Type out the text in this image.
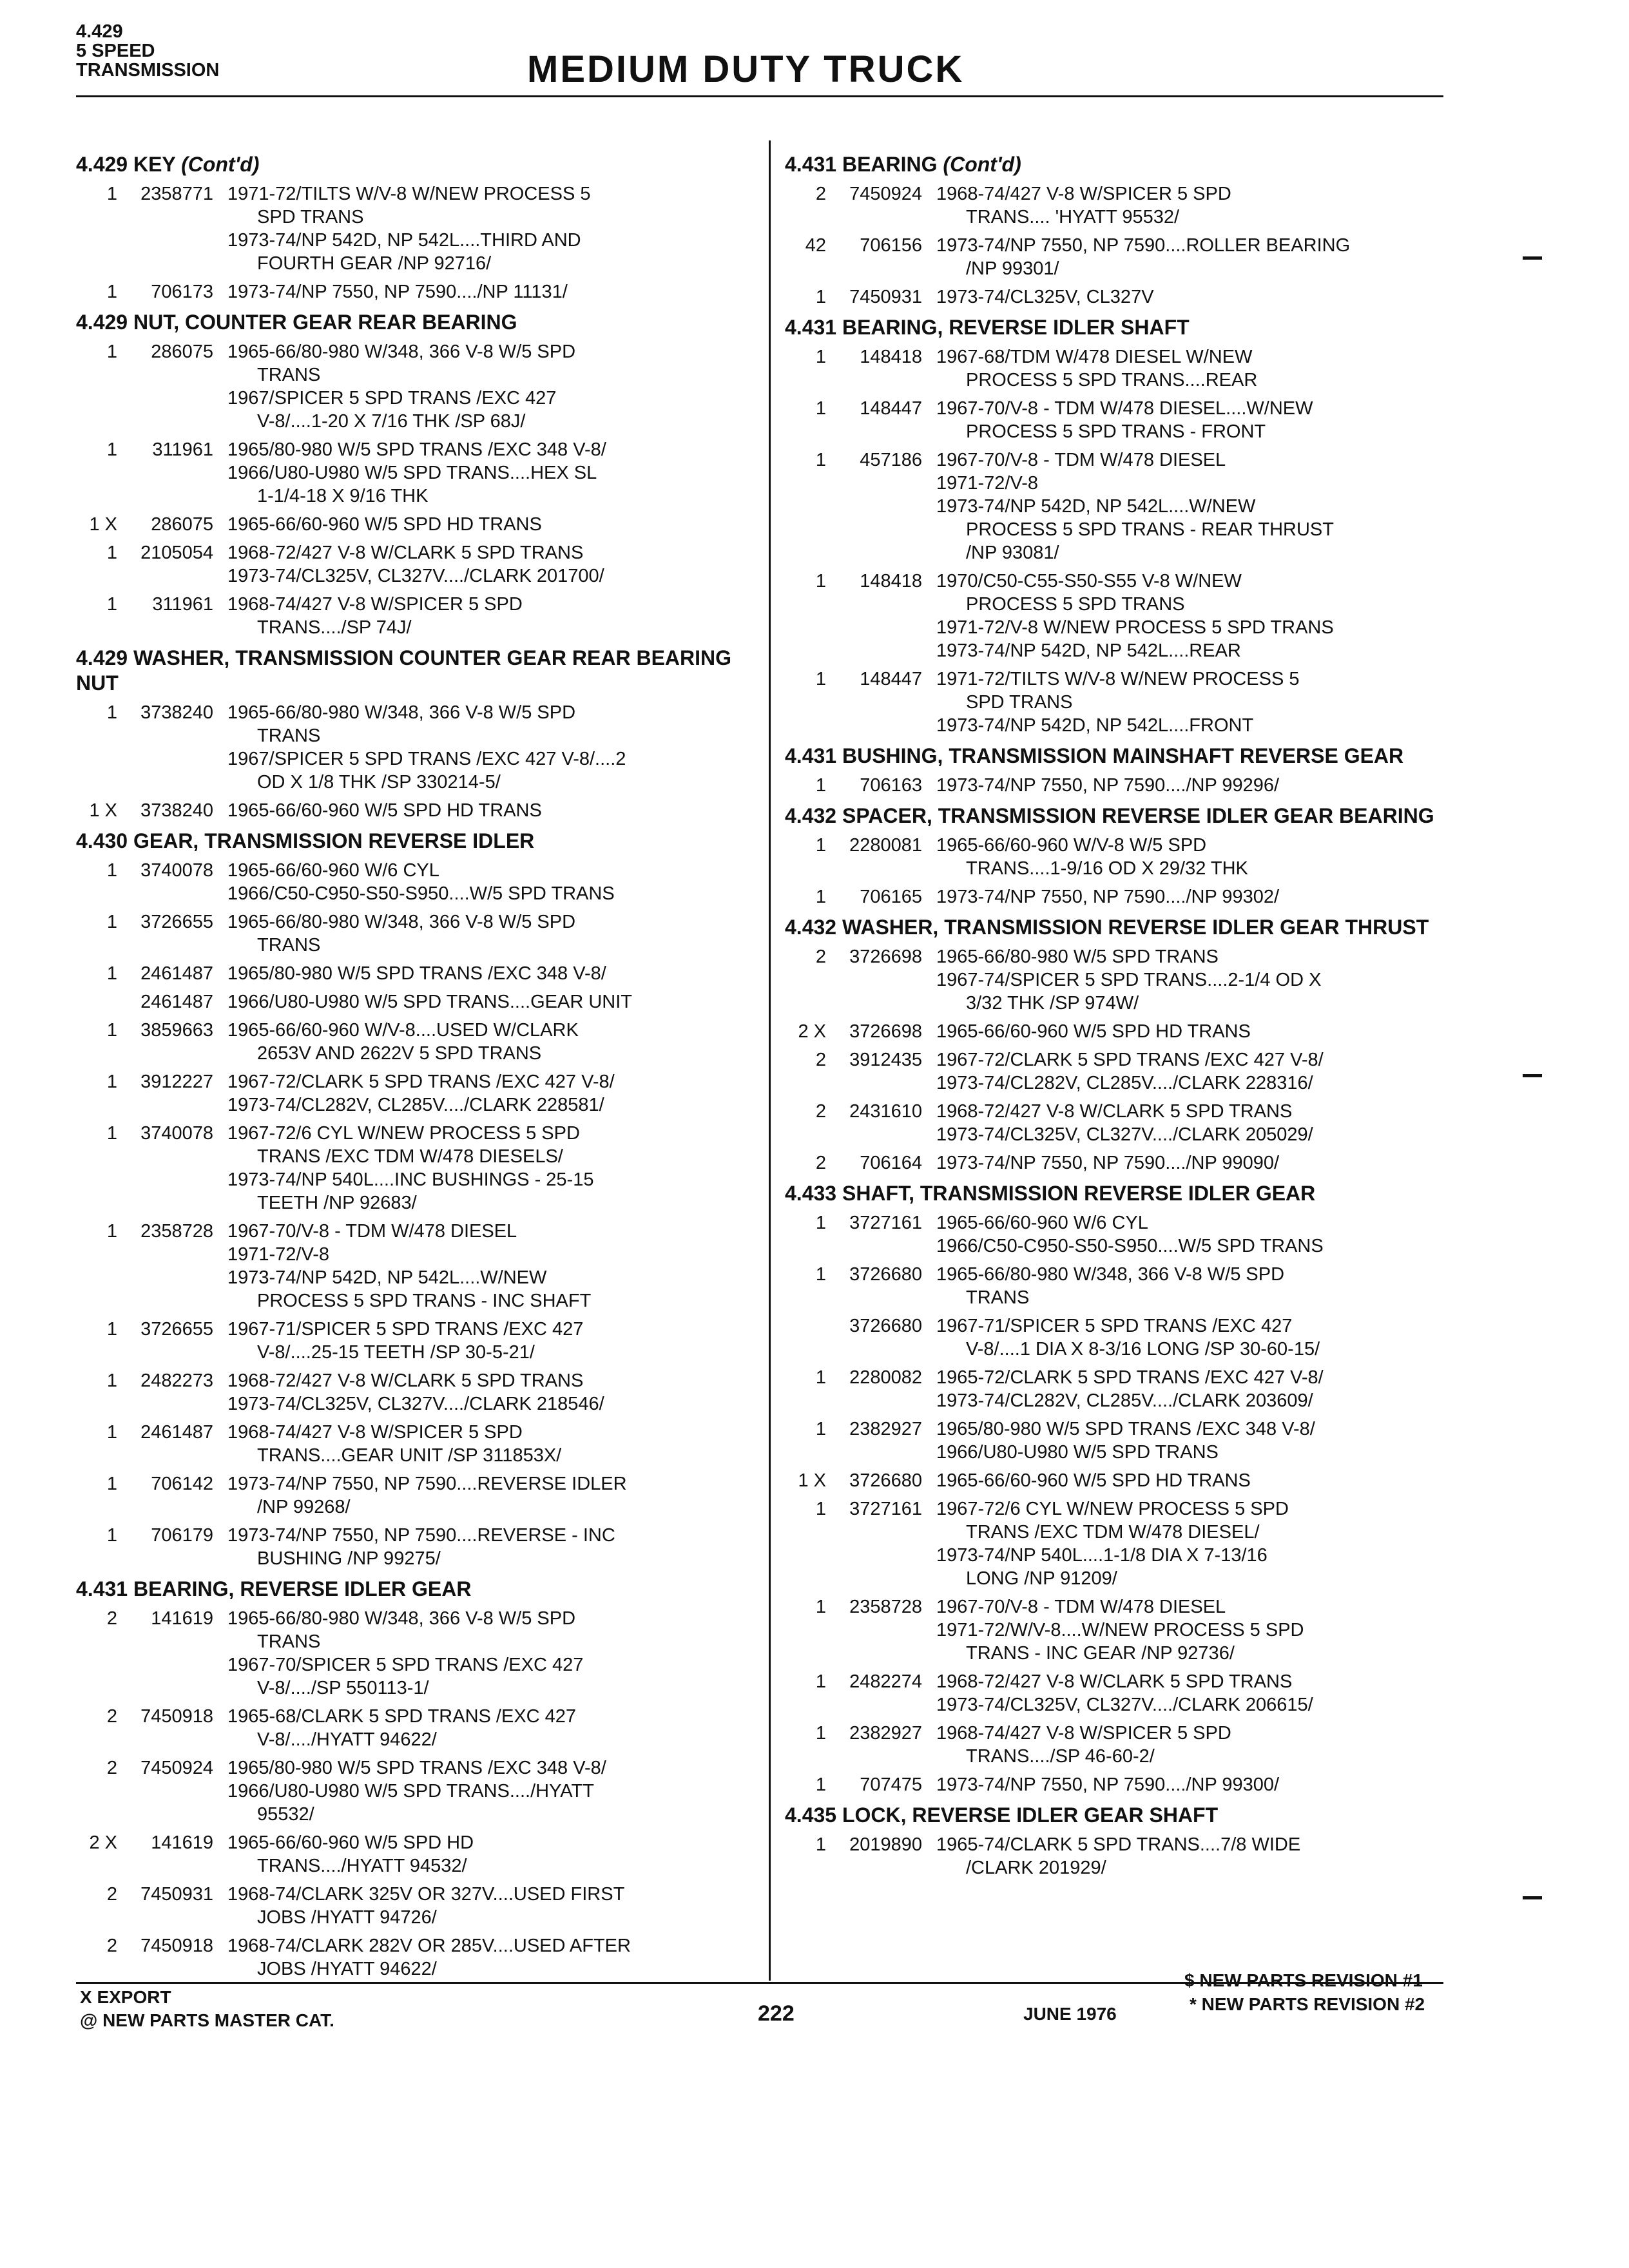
4.429
5 SPEED
TRANSMISSION	MEDIUM DUTY TRUCK
4.429 KEY (Cont'd)
1	2358771 1971-72/TILTS W/V-8 W/NEW PROCESS 5
SPD TRANS
1973-74/NP 542D, NP 542L....THIRD AND
FOURTH GEAR /NP 92716/
1	706173 1973-74/NP 7550, NP 7590..../NP 11131/
4.429 NUT, COUNTER GEAR REAR BEARING
1	286075 1965-66/80-980 W/348, 366 V-8 W/5 SPD
TRANS
1967/SPICER 5 SPD TRANS /EXC 427
V-8/....1-20 X 7/16 THK /SP 68J/
1	311961 1965/80-980 W/5 SPD TRANS /EXC 348 V-8/
1966/U80-U980 W/5 SPD TRANS....HEX SL
1-1/4-18 X 9/16 THK
1 X	286075 1965-66/60-960 W/5 SPD HD TRANS
1	2105054 1968-72/427 V-8 W/CLARK 5 SPD TRANS
1973-74/CL325V, CL327V..../CLARK 201700/
1	311961 1968-74/427 V-8 W/SPICER 5 SPD
TRANS..../SP 74J/
4.429 WASHER, TRANSMISSION COUNTER GEAR REAR BEARING NUT
1	3738240 1965-66/80-980 W/348, 366 V-8 W/5 SPD
TRANS
1967/SPICER 5 SPD TRANS /EXC 427 V-8/....2
OD X 1/8 THK /SP 330214-5/
1 X	3738240 1965-66/60-960 W/5 SPD HD TRANS
4.430 GEAR, TRANSMISSION REVERSE IDLER
1	3740078 1965-66/60-960 W/6 CYL
1966/C50-C950-S50-S950....W/5 SPD TRANS
1	3726655 1965-66/80-980 W/348, 366 V-8 W/5 SPD
TRANS
1	2461487 1965/80-980 W/5 SPD TRANS /EXC 348 V-8/
2461487 1966/U80-U980 W/5 SPD TRANS....GEAR UNIT
1	3859663 1965-66/60-960 W/V-8....USED W/CLARK
2653V AND 2622V 5 SPD TRANS
1	3912227 1967-72/CLARK 5 SPD TRANS /EXC 427 V-8/
1973-74/CL282V, CL285V..../CLARK 228581/
1	3740078 1967-72/6 CYL W/NEW PROCESS 5 SPD
TRANS /EXC TDM W/478 DIESELS/
1973-74/NP 540L....INC BUSHINGS - 25-15
TEETH /NP 92683/
1	2358728 1967-70/V-8 - TDM W/478 DIESEL
1971-72/V-8
1973-74/NP 542D, NP 542L....W/NEW
PROCESS 5 SPD TRANS - INC SHAFT
1	3726655 1967-71/SPICER 5 SPD TRANS /EXC 427
V-8/....25-15 TEETH /SP 30-5-21/
1	2482273 1968-72/427 V-8 W/CLARK 5 SPD TRANS
1973-74/CL325V, CL327V..../CLARK 218546/
1	2461487 1968-74/427 V-8 W/SPICER 5 SPD
TRANS....GEAR UNIT /SP 311853X/
1	706142 1973-74/NP 7550, NP 7590....REVERSE IDLER
/NP 99268/
1	706179 1973-74/NP 7550, NP 7590....REVERSE - INC
BUSHING /NP 99275/
4.431 BEARING, REVERSE IDLER GEAR
2	141619 1965-66/80-980 W/348, 366 V-8 W/5 SPD
TRANS
1967-70/SPICER 5 SPD TRANS /EXC 427
V-8/..../SP 550113-1/
2	7450918 1965-68/CLARK 5 SPD TRANS /EXC 427
V-8/..../HYATT 94622/
2	7450924 1965/80-980 W/5 SPD TRANS /EXC 348 V-8/
1966/U80-U980 W/5 SPD TRANS..../HYATT
95532/
2 X	141619 1965-66/60-960 W/5 SPD HD
TRANS..../HYATT 94532/
2	7450931 1968-74/CLARK 325V OR 327V....USED FIRST
JOBS /HYATT 94726/
2	7450918 1968-74/CLARK 282V OR 285V....USED AFTER
JOBS /HYATT 94622/
4.431 BEARING (Cont'd)
2	7450924 1968-74/427 V-8 W/SPICER 5 SPD
TRANS.... 'HYATT 95532/
42	706156 1973-74/NP 7550, NP 7590....ROLLER BEARING
/NP 99301/
1	7450931 1973-74/CL325V, CL327V
4.431 BEARING, REVERSE IDLER SHAFT
1	148418 1967-68/TDM W/478 DIESEL W/NEW
PROCESS 5 SPD TRANS....REAR
1	148447 1967-70/V-8 - TDM W/478 DIESEL....W/NEW
PROCESS 5 SPD TRANS - FRONT
1	457186 1967-70/V-8 - TDM W/478 DIESEL
1971-72/V-8
1973-74/NP 542D, NP 542L....W/NEW
PROCESS 5 SPD TRANS - REAR THRUST
/NP 93081/
1	148418 1970/C50-C55-S50-S55 V-8 W/NEW
PROCESS 5 SPD TRANS
1971-72/V-8 W/NEW PROCESS 5 SPD TRANS
1973-74/NP 542D, NP 542L....REAR
1	148447 1971-72/TILTS W/V-8 W/NEW PROCESS 5
SPD TRANS
1973-74/NP 542D, NP 542L....FRONT
4.431 BUSHING, TRANSMISSION MAINSHAFT REVERSE GEAR
1	706163 1973-74/NP 7550, NP 7590..../NP 99296/
4.432 SPACER, TRANSMISSION REVERSE IDLER GEAR BEARING
1	2280081 1965-66/60-960 W/V-8 W/5 SPD
TRANS....1-9/16 OD X 29/32 THK
1	706165 1973-74/NP 7550, NP 7590..../NP 99302/
4.432 WASHER, TRANSMISSION REVERSE IDLER GEAR THRUST
2	3726698 1965-66/80-980 W/5 SPD TRANS
1967-74/SPICER 5 SPD TRANS....2-1/4 OD X
3/32 THK /SP 974W/
2 X	3726698 1965-66/60-960 W/5 SPD HD TRANS
2	3912435 1967-72/CLARK 5 SPD TRANS /EXC 427 V-8/
1973-74/CL282V, CL285V..../CLARK 228316/
2	2431610 1968-72/427 V-8 W/CLARK 5 SPD TRANS
1973-74/CL325V, CL327V..../CLARK 205029/
2	706164 1973-74/NP 7550, NP 7590..../NP 99090/
4.433 SHAFT, TRANSMISSION REVERSE IDLER GEAR
1	3727161 1965-66/60-960 W/6 CYL
1966/C50-C950-S50-S950....W/5 SPD TRANS
1	3726680 1965-66/80-980 W/348, 366 V-8 W/5 SPD
TRANS
3726680 1967-71/SPICER 5 SPD TRANS /EXC 427
V-8/....1 DIA X 8-3/16 LONG /SP 30-60-15/
1	2280082 1965-72/CLARK 5 SPD TRANS /EXC 427 V-8/
1973-74/CL282V, CL285V..../CLARK 203609/
1	2382927 1965/80-980 W/5 SPD TRANS /EXC 348 V-8/
1966/U80-U980 W/5 SPD TRANS
1 X	3726680 1965-66/60-960 W/5 SPD HD TRANS
1	3727161 1967-72/6 CYL W/NEW PROCESS 5 SPD
TRANS /EXC TDM W/478 DIESEL/
1973-74/NP 540L....1-1/8 DIA X 7-13/16
LONG /NP 91209/
1	2358728 1967-70/V-8 - TDM W/478 DIESEL
1971-72/W/V-8....W/NEW PROCESS 5 SPD
TRANS - INC GEAR /NP 92736/
1	2482274 1968-72/427 V-8 W/CLARK 5 SPD TRANS
1973-74/CL325V, CL327V..../CLARK 206615/
1	2382927 1968-74/427 V-8 W/SPICER 5 SPD
TRANS..../SP 46-60-2/
1	707475 1973-74/NP 7550, NP 7590..../NP 99300/
4.435 LOCK, REVERSE IDLER GEAR SHAFT
1	2019890 1965-74/CLARK 5 SPD TRANS....7/8 WIDE
/CLARK 201929/
X EXPORT
@ NEW PARTS MASTER CAT.	222	JUNE 1976
$ NEW PARTS REVISION #1
* NEW PARTS REVISION #2
